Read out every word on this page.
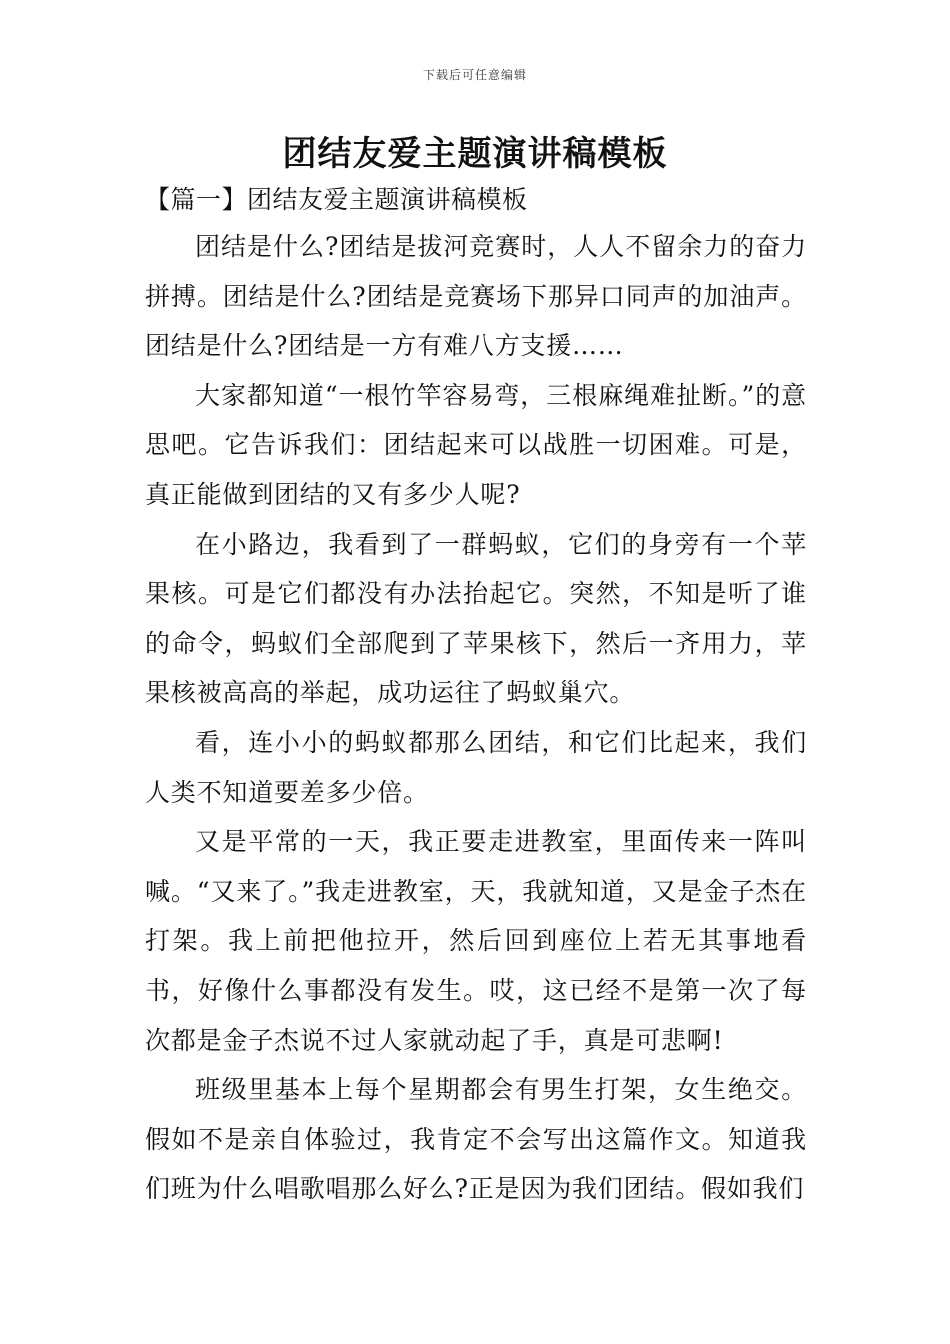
下载后可任意编辑
团结友爱主题演讲稿模板

【篇一】团结友爱主题演讲稿模板

团结是什么?团结是拔河竞赛时，人人不留余力的奋力拼搏。团结是什么?团结是竞赛场下那异口同声的加油声。团结是什么?团结是一方有难八方支援……

大家都知道“一根竹竿容易弯，三根麻绳难扯断。”的意思吧。它告诉我们：团结起来可以战胜一切困难。可是，真正能做到团结的又有多少人呢?

在小路边，我看到了一群蚂蚁，它们的身旁有一个苹果核。可是它们都没有办法抬起它。突然，不知是听了谁的命令，蚂蚁们全部爬到了苹果核下，然后一齐用力，苹果核被高高的举起，成功运往了蚂蚁巢穴。

看，连小小的蚂蚁都那么团结，和它们比起来，我们人类不知道要差多少倍。

又是平常的一天，我正要走进教室，里面传来一阵叫喊。“又来了。”我走进教室，天，我就知道，又是金子杰在打架。我上前把他拉开，然后回到座位上若无其事地看书，好像什么事都没有发生。哎，这已经不是第一次了每次都是金子杰说不过人家就动起了手，真是可悲啊!

班级里基本上每个星期都会有男生打架，女生绝交。假如不是亲自体验过，我肯定不会写出这篇作文。知道我们班为什么唱歌唱那么好么?正是因为我们团结。假如我们
